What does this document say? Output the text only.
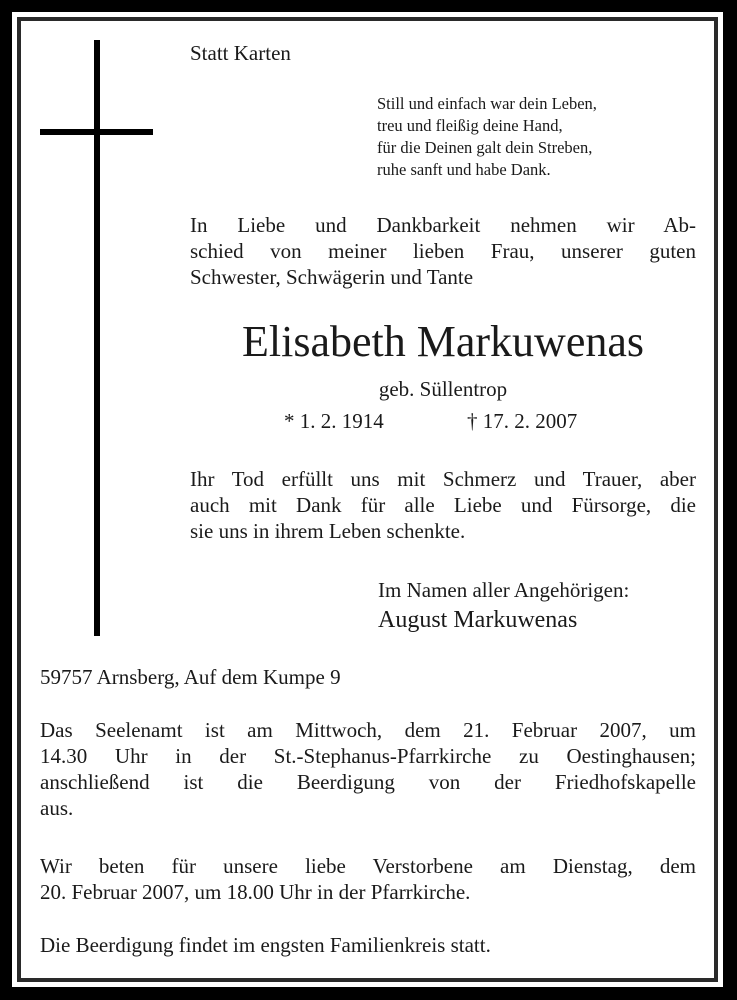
Statt Karten
Still und einfach war dein Leben,
treu und fleißig deine Hand,
für die Deinen galt dein Streben,
ruhe sanft und habe Dank.
In Liebe und Dankbarkeit nehmen wir Ab-
schied von meiner lieben Frau, unserer guten
Schwester, Schwägerin und Tante
Elisabeth Markuwenas
geb. Süllentrop
* 1. 2. 1914	† 17. 2. 2007
Ihr Tod erfüllt uns mit Schmerz und Trauer, aber
auch mit Dank für alle Liebe und Fürsorge, die
sie uns in ihrem Leben schenkte.
Im Namen aller Angehörigen:
August Markuwenas
59757 Arnsberg, Auf dem Kumpe 9
Das Seelenamt ist am Mittwoch, dem 21. Februar 2007, um
14.30 Uhr in der St.-Stephanus-Pfarrkirche zu Oestinghausen;
anschließend ist die Beerdigung von der Friedhofskapelle
aus.
Wir beten für unsere liebe Verstorbene am Dienstag, dem
20. Februar 2007, um 18.00 Uhr in der Pfarrkirche.
Die Beerdigung findet im engsten Familienkreis statt.
